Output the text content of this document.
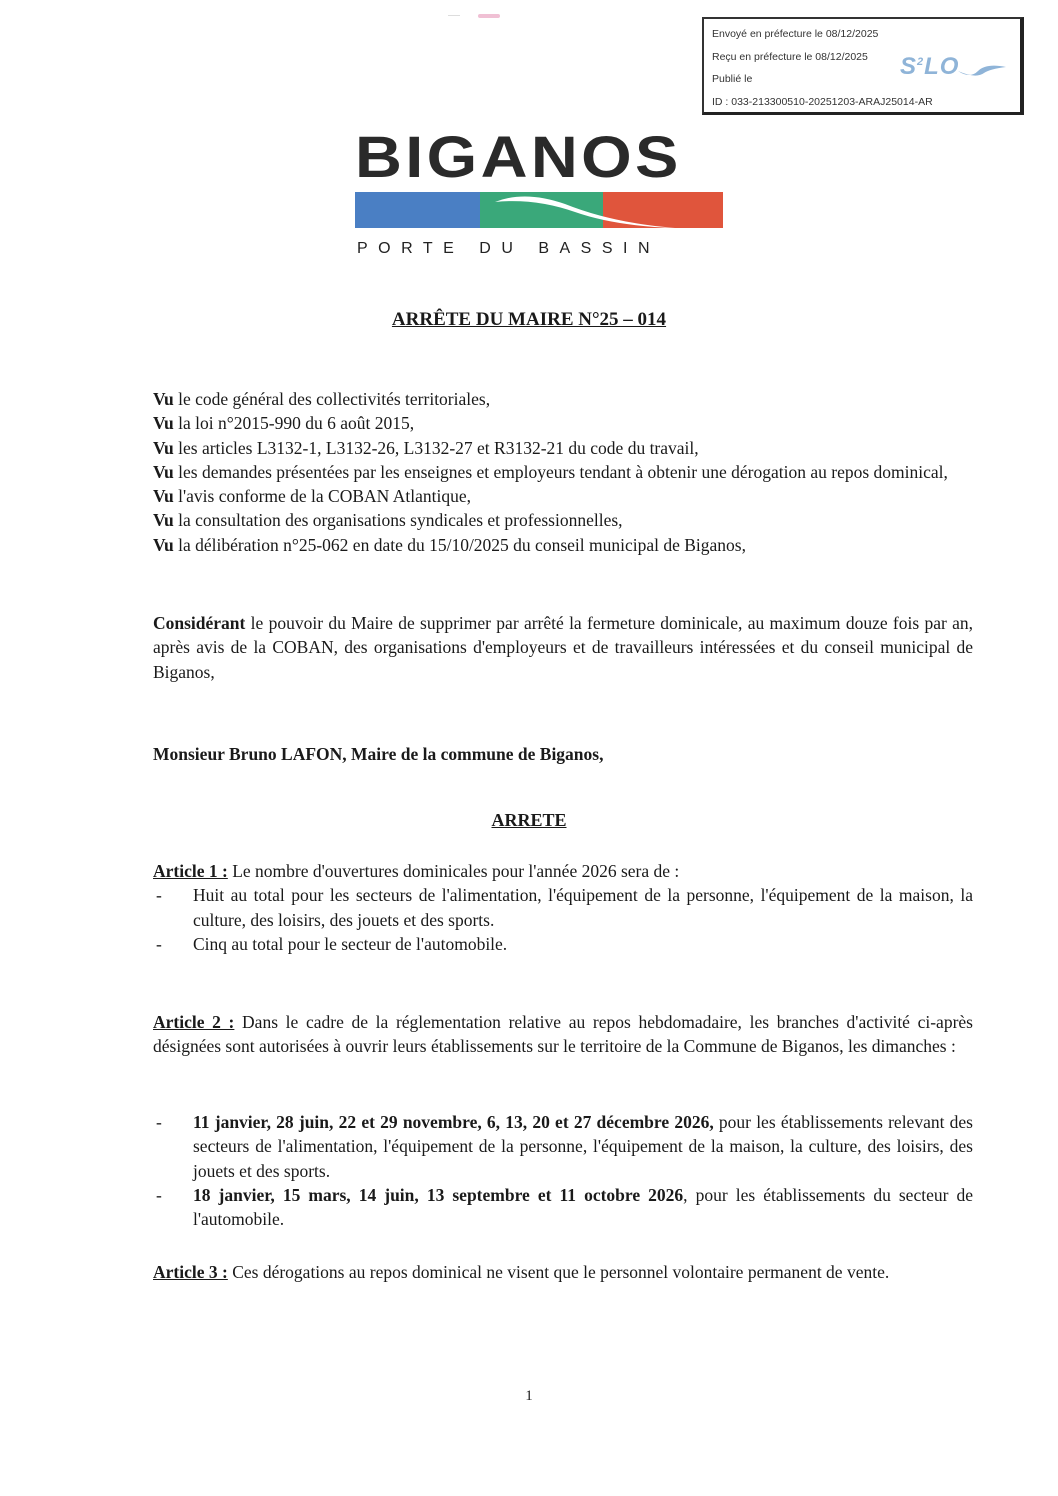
Envoyé en préfecture le 08/12/2025
Reçu en préfecture le 08/12/2025
Publié le
ID : 033-213300510-20251203-ARAJ25014-AR
$S^2LO$
BIGANOS
PORTE DU BASSIN
ARRÊTE DU MAIRE N°25 – 014

Vu le code général des collectivités territoriales,

Vu la loi n°2015-990 du 6 août 2015,

Vu les articles L3132-1, L3132-26, L3132-27 et R3132-21 du code du travail,

Vu les demandes présentées par les enseignes et employeurs tendant à obtenir une dérogation au repos dominical,

Vu l'avis conforme de la COBAN Atlantique,

Vu la consultation des organisations syndicales et professionnelles,

Vu la délibération n°25-062 en date du 15/10/2025 du conseil municipal de Biganos,

Considérant le pouvoir du Maire de supprimer par arrêté la fermeture dominicale, au maximum douze fois par an, après avis de la COBAN, des organisations d'employeurs et de travailleurs intéressées et du conseil municipal de Biganos,

Monsieur Bruno LAFON, Maire de la commune de Biganos,
ARRETE

Article 1 : Le nombre d'ouvertures dominicales pour l'année 2026 sera de :

- Huit au total pour les secteurs de l'alimentation, l'équipement de la personne, l'équipement de la maison, la culture, des loisirs, des jouets et des sports.
- Cinq au total pour le secteur de l'automobile.

Article 2 : Dans le cadre de la réglementation relative au repos hebdomadaire, les branches d'activité ci-après désignées sont autorisées à ouvrir leurs établissements sur le territoire de la Commune de Biganos, les dimanches :

- 11 janvier, 28 juin, 22 et 29 novembre, 6, 13, 20 et 27 décembre 2026, pour les établissements relevant des secteurs de l'alimentation, l'équipement de la personne, l'équipement de la maison, la culture, des loisirs, des jouets et des sports.
- 18 janvier, 15 mars, 14 juin, 13 septembre et 11 octobre 2026, pour les établissements du secteur de l'automobile.

Article 3 : Ces dérogations au repos dominical ne visent que le personnel volontaire permanent de vente.

1
